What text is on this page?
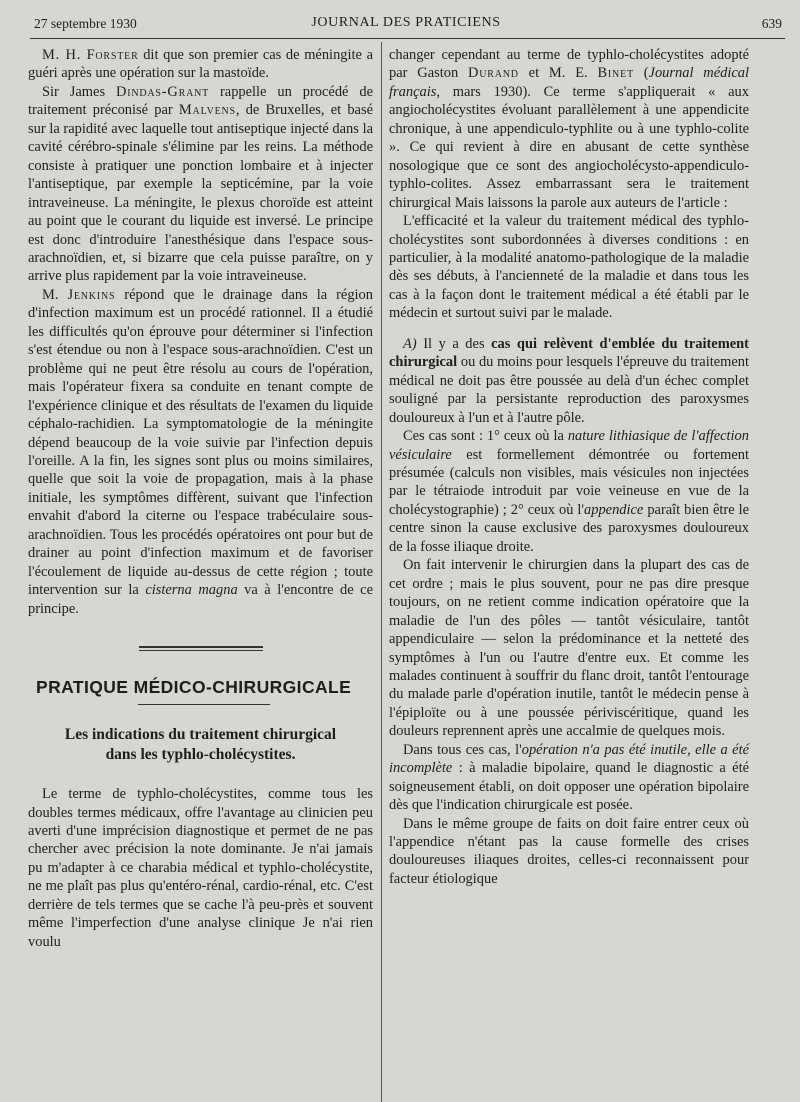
27 septembre 1930	JOURNAL DES PRATICIENS	639

M. H. Forster dit que son premier cas de méningite a guéri après une opération sur la mastoïde.

Sir James Dindas-Grant rappelle un procédé de traitement préconisé par Malvens, de Bruxelles, et basé sur la rapidité avec laquelle tout antiseptique injecté dans la cavité cérébro-spinale s'élimine par les reins. La méthode consiste à pratiquer une ponction lombaire et à injecter l'antiseptique, par exemple la septicémine, par la voie intraveineuse. La méningite, le plexus choroïde est atteint au point que le courant du liquide est inversé. Le principe est donc d'introduire l'anesthésique dans l'espace sous-arachnoïdien, et, si bizarre que cela puisse paraître, on y arrive plus rapidement par la voie intraveineuse.

M. Jenkins répond que le drainage dans la région d'infection maximum est un procédé rationnel. Il a étudié les difficultés qu'on éprouve pour déterminer si l'infection s'est étendue ou non à l'espace sous-arachnoïdien. C'est un problème qui ne peut être résolu au cours de l'opération, mais l'opérateur fixera sa conduite en tenant compte de l'expérience clinique et des résultats de l'examen du liquide céphalo-rachidien. La symptomatologie de la méningite dépend beaucoup de la voie suivie par l'infection depuis l'oreille. A la fin, les signes sont plus ou moins similaires, quelle que soit la voie de propagation, mais à la phase initiale, les symptômes diffèrent, suivant que l'infection envahit d'abord la citerne ou l'espace trabéculaire sous-arachnoïdien. Tous les procédés opératoires ont pour but de drainer au point d'infection maximum et de favoriser l'écoulement de liquide au-dessus de cette région ; toute intervention sur la cisterna magna va à l'encontre de ce principe.

PRATIQUE MÉDICO-CHIRURGICALE
Les indications du traitement chirurgical
dans les typhlo-cholécystites.

Le terme de typhlo-cholécystites, comme tous les doubles termes médicaux, offre l'avantage au clinicien peu averti d'une imprécision diagnostique et permet de ne pas chercher avec précision la note dominante. Je n'ai jamais pu m'adapter à ce charabia médical et typhlo-cholécystite, ne me plaît pas plus qu'entéro-rénal, cardio-rénal, etc. C'est derrière de tels termes que se cache l'à peu-près et souvent même l'imperfection d'une analyse clinique Je n'ai rien voulu

changer cependant au terme de typhlo-cholécystites adopté par Gaston Durand et M. E. Binet (Journal médical français, mars 1930). Ce terme s'appliquerait « aux angiocholécystites évoluant parallèlement à une appendicite chronique, à une appendiculo-typhlite ou à une typhlo-colite ». Ce qui revient à dire en abusant de cette synthèse nosologique que ce sont des angiocholécysto-appendiculo-typhlo-colites. Assez embarrassant sera le traitement chirurgical Mais laissons la parole aux auteurs de l'article :

L'efficacité et la valeur du traitement médical des typhlo-cholécystites sont subordonnées à diverses conditions : en particulier, à la modalité anatomo-pathologique de la maladie dès ses débuts, à l'ancienneté de la maladie et dans tous les cas à la façon dont le traitement médical a été établi par le médecin et surtout suivi par le malade.

A) Il y a des cas qui relèvent d'emblée du traitement chirurgical ou du moins pour lesquels l'épreuve du traitement médical ne doit pas être poussée au delà d'un échec complet souligné par la persistante reproduction des paroxysmes douloureux à l'un et à l'autre pôle.

Ces cas sont : 1° ceux où la nature lithiasique de l'affection vésiculaire est formellement démontrée ou fortement présumée (calculs non visibles, mais vésicules non injectées par le tétraiode introduit par voie veineuse en vue de la cholécystographie) ; 2° ceux où l'appendice paraît bien être le centre sinon la cause exclusive des paroxysmes douloureux de la fosse iliaque droite.

On fait intervenir le chirurgien dans la plupart des cas de cet ordre ; mais le plus souvent, pour ne pas dire presque toujours, on ne retient comme indication opératoire que la maladie de l'un des pôles — tantôt vésiculaire, tantôt appendiculaire — selon la prédominance et la netteté des symptômes à l'un ou l'autre d'entre eux. Et comme les malades continuent à souffrir du flanc droit, tantôt l'entourage du malade parle d'opération inutile, tantôt le médecin pense à l'épiploïte ou à une poussée périviscéritique, quand les douleurs reprennent après une accalmie de quelques mois.

Dans tous ces cas, l'opération n'a pas été inutile, elle a été incomplète : à maladie bipolaire, quand le diagnostic a été soigneusement établi, on doit opposer une opération bipolaire dès que l'indication chirurgicale est posée.

Dans le même groupe de faits on doit faire entrer ceux où l'appendice n'étant pas la cause formelle des crises douloureuses iliaques droites, celles-ci reconnaissent pour facteur étiologique
